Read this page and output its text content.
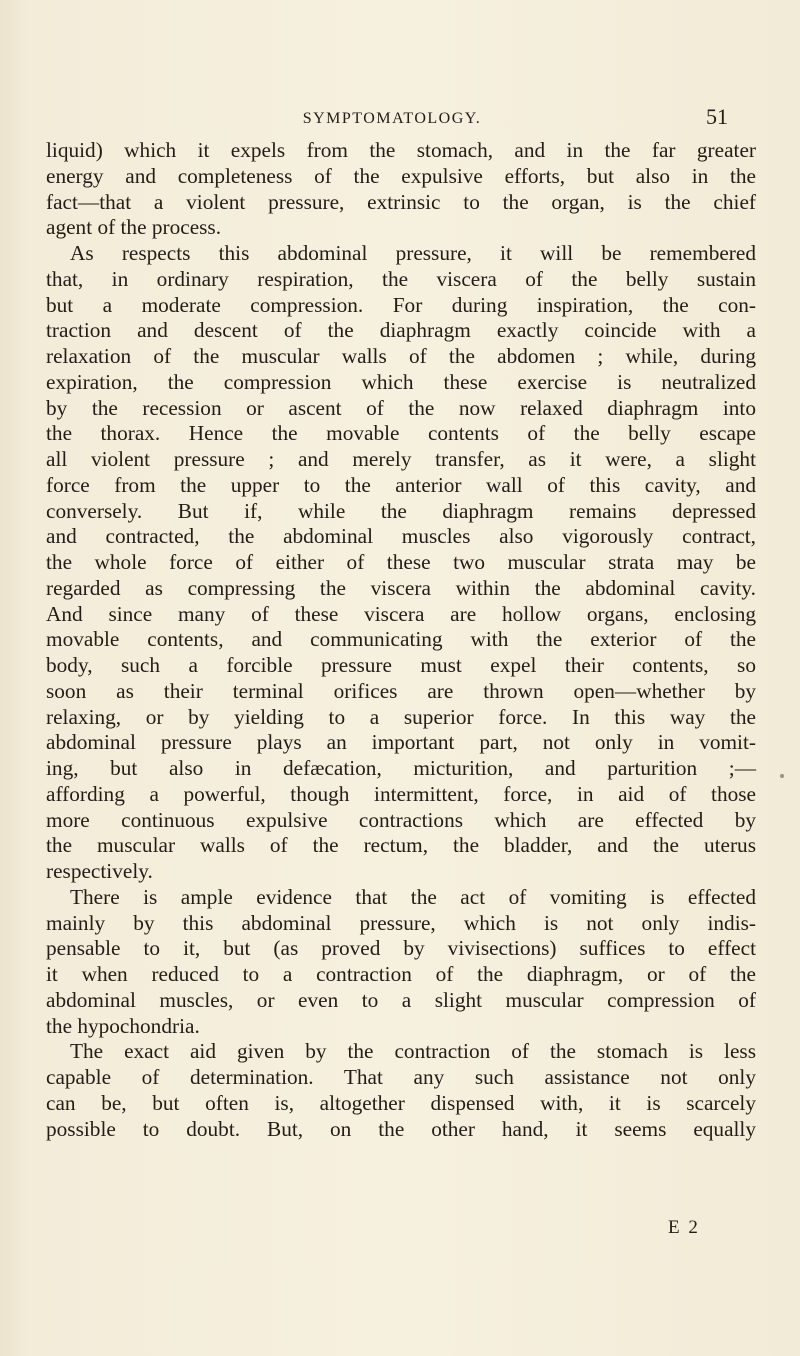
SYMPTOMATOLOGY.	51
liquid) which it expels from the stomach, and in the far greater
energy and completeness of the expulsive efforts, but also in the
fact—that a violent pressure, extrinsic to the organ, is the chief
agent of the process.
As respects this abdominal pressure, it will be remembered
that, in ordinary respiration, the viscera of the belly sustain
but a moderate compression. For during inspiration, the con-
traction and descent of the diaphragm exactly coincide with a
relaxation of the muscular walls of the abdomen ; while, during
expiration, the compression which these exercise is neutralized
by the recession or ascent of the now relaxed diaphragm into
the thorax. Hence the movable contents of the belly escape
all violent pressure ; and merely transfer, as it were, a slight
force from the upper to the anterior wall of this cavity, and
conversely. But if, while the diaphragm remains depressed
and contracted, the abdominal muscles also vigorously contract,
the whole force of either of these two muscular strata may be
regarded as compressing the viscera within the abdominal cavity.
And since many of these viscera are hollow organs, enclosing
movable contents, and communicating with the exterior of the
body, such a forcible pressure must expel their contents, so
soon as their terminal orifices are thrown open—whether by
relaxing, or by yielding to a superior force. In this way the
abdominal pressure plays an important part, not only in vomit-
ing, but also in defæcation, micturition, and parturition ;—
affording a powerful, though intermittent, force, in aid of those
more continuous expulsive contractions which are effected by
the muscular walls of the rectum, the bladder, and the uterus
respectively.
There is ample evidence that the act of vomiting is effected
mainly by this abdominal pressure, which is not only indis-
pensable to it, but (as proved by vivisections) suffices to effect
it when reduced to a contraction of the diaphragm, or of the
abdominal muscles, or even to a slight muscular compression of
the hypochondria.
The exact aid given by the contraction of the stomach is less
capable of determination. That any such assistance not only
can be, but often is, altogether dispensed with, it is scarcely
possible to doubt. But, on the other hand, it seems equally
E 2
